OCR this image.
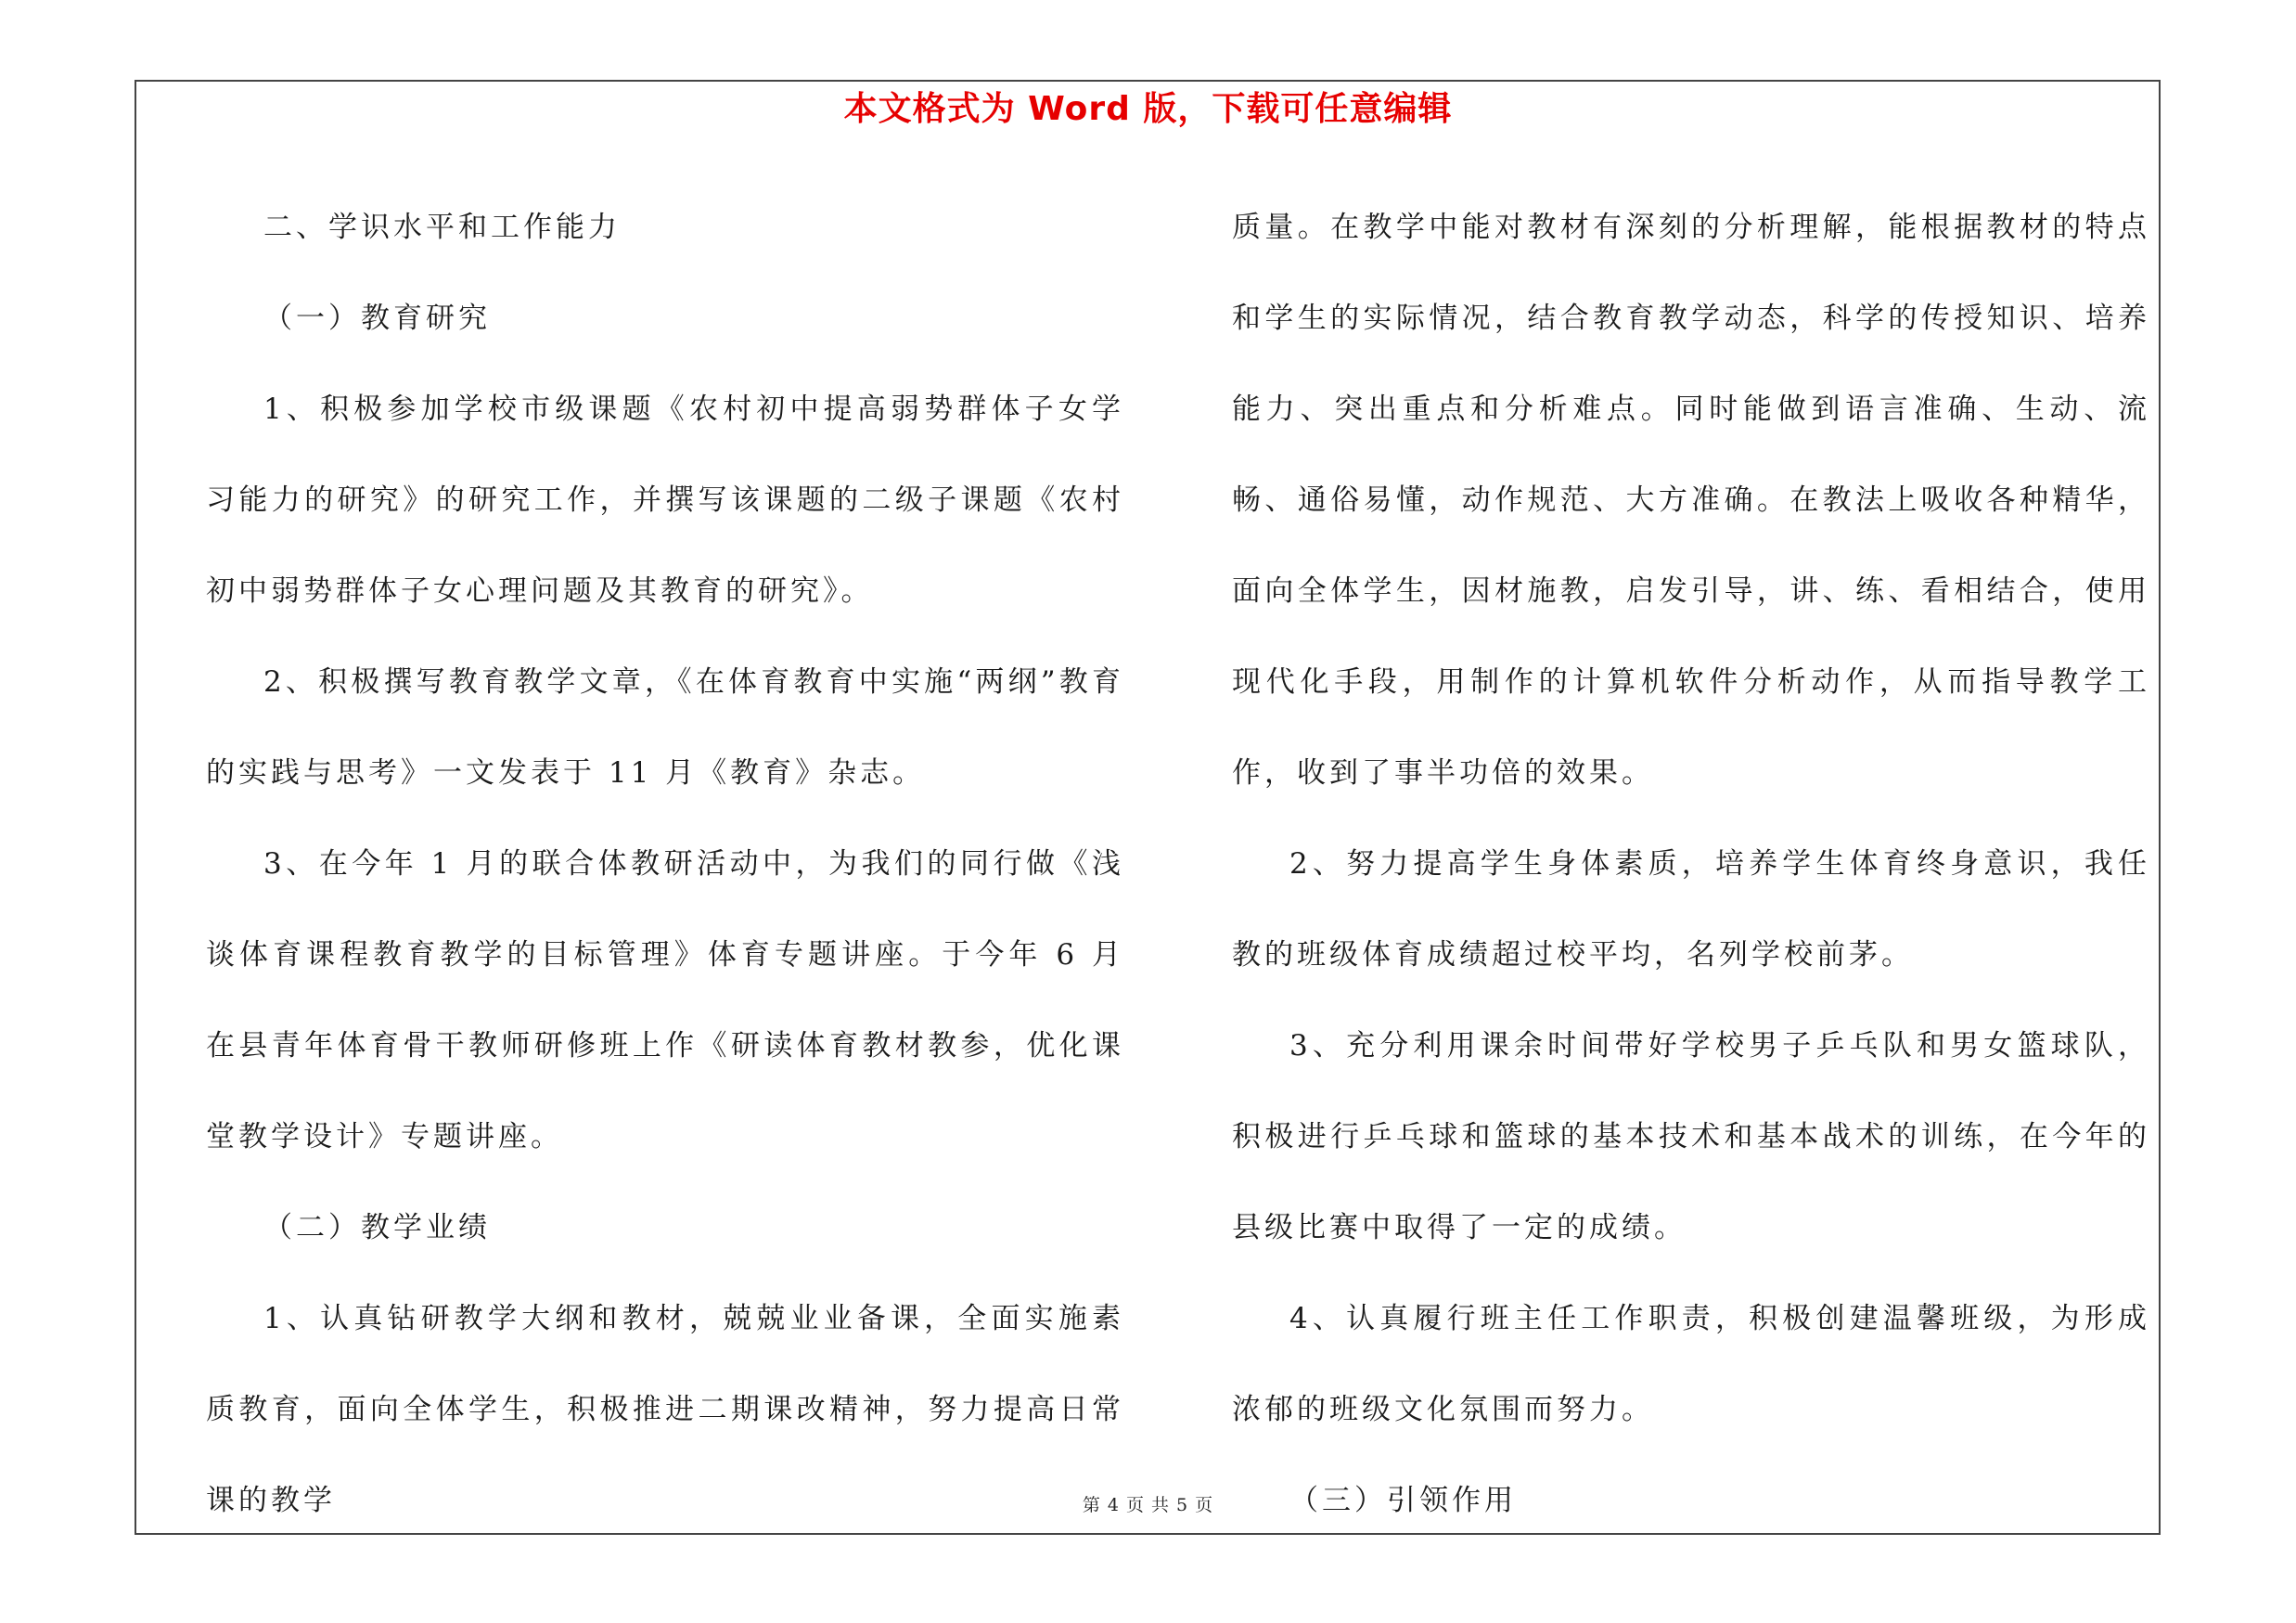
本文格式为 Word 版，下载可任意编辑

二、学识水平和工作能力

（一）教育研究

1、积极参加学校市级课题《农村初中提高弱势群体子女学习能力的研究》的研究工作，并撰写该课题的二级子课题《农村初中弱势群体子女心理问题及其教育的研究》。

2、积极撰写教育教学文章，《在体育教育中实施“两纲”教育的实践与思考》一文发表于 11 月《教育》杂志。

3、在今年 1 月的联合体教研活动中，为我们的同行做《浅谈体育课程教育教学的目标管理》体育专题讲座。于今年 6 月在县青年体育骨干教师研修班上作《研读体育教材教参，优化课堂教学设计》专题讲座。

（二）教学业绩

1、认真钻研教学大纲和教材，兢兢业业备课，全面实施素质教育，面向全体学生，积极推进二期课改精神，努力提高日常课的教学

质量。在教学中能对教材有深刻的分析理解，能根据教材的特点和学生的实际情况，结合教育教学动态，科学的传授知识、培养能力、突出重点和分析难点。同时能做到语言准确、生动、流畅、通俗易懂，动作规范、大方准确。在教法上吸收各种精华，面向全体学生，因材施教，启发引导，讲、练、看相结合，使用现代化手段，用制作的计算机软件分析动作，从而指导教学工作，收到了事半功倍的效果。

2、努力提高学生身体素质，培养学生体育终身意识，我任教的班级体育成绩超过校平均，名列学校前茅。

3、充分利用课余时间带好学校男子乒乓队和男女篮球队，积极进行乒乓球和篮球的基本技术和基本战术的训练，在今年的县级比赛中取得了一定的成绩。

4、认真履行班主任工作职责，积极创建温馨班级，为形成浓郁的班级文化氛围而努力。

（三）引领作用

第 4 页 共 5 页
